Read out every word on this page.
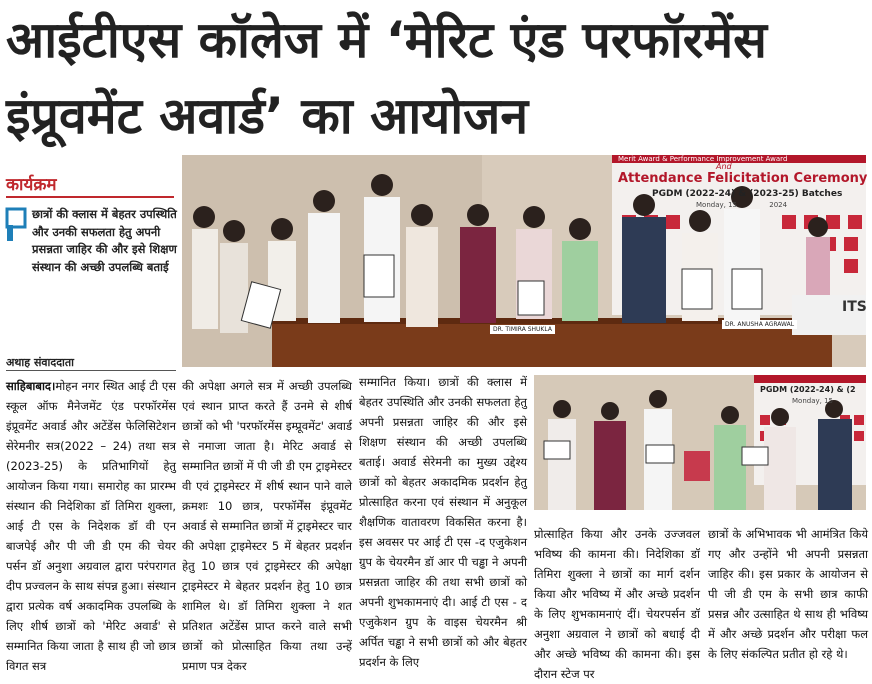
आईटीएस कॉलेज में ‘मेरिट एंड परफॉरमेंस
इंप्रूवमेंट अवार्ड’ का आयोजन
कार्यक्रम
छात्रों की क्लास में बेहतर उपस्थिति और उनकी सफलता हेतु अपनी प्रसन्नता जाहिर की और इसे शिक्षण संस्थान की अच्छी उपलब्धि बताई
अथाह संवाददाता
Merit Award & Performance Improvement Award
And
Attendance Felicitation Ceremony
PGDM (2022-24) & (2023-25) Batches
Monday, 15	2024
DR. TIMIRA SHUKLA
DR. ANUSHA AGRAWAL
ITS
PGDM (2022-24) & (2
Monday, 15
साहिबाबाद।मोहन नगर स्थित आई टी एस स्कूल ऑफ मैनेजमेंट एंड परफॉरमेंस इंप्रूवमेंट अवार्ड और अटेंडेंस फेलिसिटेशन सेरेमनीर सत्र(2022 – 24) तथा सत्र (2023-25) के प्रतिभागियों हेतु आयोजन किया गया। समारोह का प्रारम्भ संस्थान की निदेशिका डॉ तिमिरा शुक्ला, आई टी एस के निदेशक डॉ वी एन बाजपेई और पी जी डी एम की चेयर पर्सन डॉ अनुशा अग्रवाल द्वारा परंपरागत दीप प्रज्वलन के साथ संपन्न हुआ। संस्थान द्वारा प्रत्येक वर्ष अकादमिक उपलब्धि के लिए शीर्ष छात्रों को 'मेरिट अवार्ड' से सम्मानित किया जाता है साथ ही जो छात्र विगत सत्र
की अपेक्षा अगले सत्र में अच्छी उपलब्धि एवं स्थान प्राप्त करते हैं उनमे से शीर्ष छात्रों को भी 'परफॉरमेंस इम्प्रूवमेंट' अवार्ड से नमाजा जाता है। मेरिट अवार्ड से सम्मानित छात्रों में पी जी डी एम ट्राइमेस्टर वी एवं ट्राइमेस्टर में शीर्ष स्थान पाने वाले क्रमशः 10 छात्र, परफॉर्मेंस इंप्रूवमेंट अवार्ड से सम्मानित छात्रों में ट्राइमेस्टर चार की अपेक्षा ट्राइमेस्टर 5 में बेहतर प्रदर्शन हेतु 10 छात्र एवं ट्राइमेस्टर की अपेक्षा ट्राइमेस्टर मे बेहतर प्रदर्शन हेतु 10 छात्र शामिल थे। डॉ तिमिरा शुक्ला ने शत प्रतिशत अटेंडेंस प्राप्त करने वाले सभी छात्रों को प्रोत्साहित किया तथा उन्हें प्रमाण पत्र देकर
सम्मानित किया। छात्रों की क्लास में बेहतर उपस्थिति और उनकी सफलता हेतु अपनी प्रसन्नता जाहिर की और इसे शिक्षण संस्थान की अच्छी उपलब्धि बताई। अवार्ड सेरेमनी का मुख्य उद्देश्य छात्रों को बेहतर अकादमिक प्रदर्शन हेतु प्रोत्साहित करना एवं संस्थान में अनुकूल शैक्षणिक वातावरण विकसित करना है। इस अवसर पर आई टी एस -द एजुकेशन ग्रुप के चेयरमैन डॉ आर पी चड्ढा ने अपनी प्रसन्नता जाहिर की तथा सभी छात्रों को अपनी शुभकामनाएं दी। आई टी एस - द एजुकेशन ग्रुप के वाइस चेयरमैन श्री अर्पित चड्ढा ने सभी छात्रों को और बेहतर प्रदर्शन के लिए
प्रोत्साहित किया और उनके उज्जवल भविष्य की कामना की। निदेशिका डॉ तिमिरा शुक्ला ने छात्रों का मार्ग दर्शन किया और भविष्य में और अच्छे प्रदर्शन के लिए शुभकामनाएं दीं। चेयरपर्सन डॉ अनुशा अग्रवाल ने छात्रों को बधाई दी और अच्छे भविष्य की कामना की। इस दौरान स्टेज पर
छात्रों के अभिभावक भी आमंत्रित किये गए और उन्होंने भी अपनी प्रसन्नता जाहिर की। इस प्रकार के आयोजन से पी जी डी एम के सभी छात्र काफी प्रसन्न और उत्साहित थे साथ ही भविष्य में और अच्छे प्रदर्शन और परीक्षा फल के लिए संकल्पित प्रतीत हो रहे थे।
